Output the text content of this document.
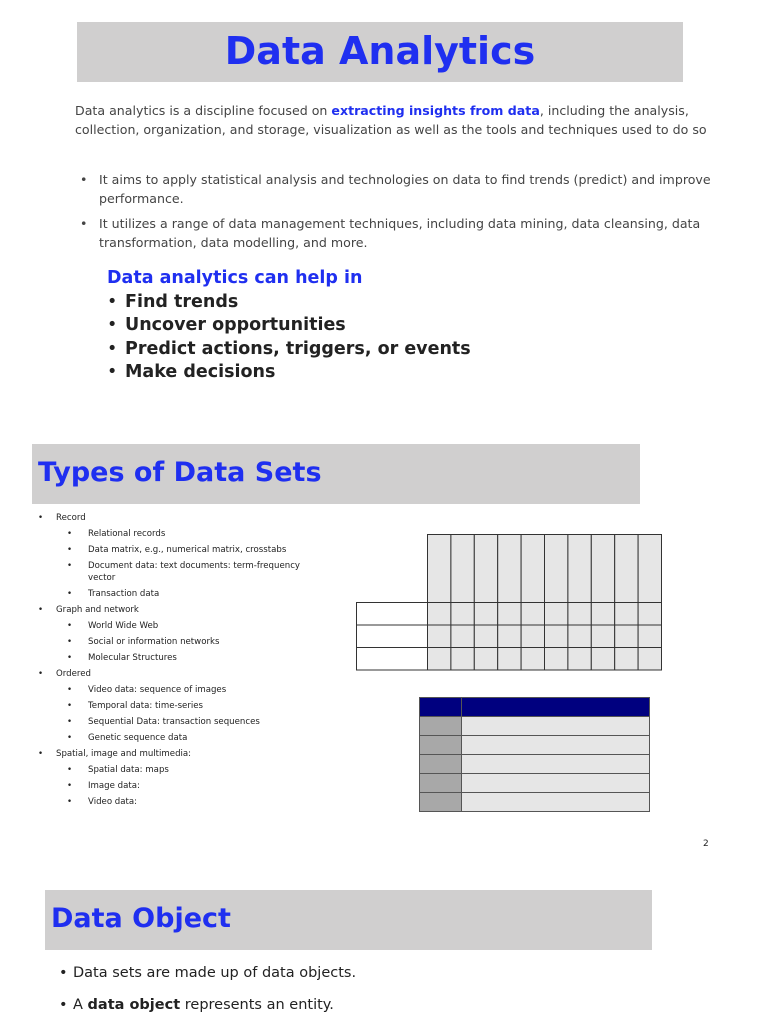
Data Analytics

Data analytics is a discipline focused on extracting insights from data, including the analysis, collection, organization, and storage, visualization as well as the tools and techniques used to do so

• It aims to apply statistical analysis and technologies on data to find trends (predict) and improve performance.
• It utilizes a range of data management techniques, including data mining, data cleansing, data transformation, data modelling, and more.

Data analytics can help in

• Find trends
• Uncover opportunities
• Predict actions, triggers, or events
• Make decisions
Types of Data Sets
• Record
• Relational records
• Data matrix, e.g., numerical matrix, crosstabs
• Document data: text documents: term-frequency vector
• Transaction data
• Graph and network
• World Wide Web
• Social or information networks
• Molecular Structures
• Ordered
• Video data: sequence of images
• Temporal data: time-series
• Sequential Data: transaction sequences
• Genetic sequence data
• Spatial, image and multimedia:
• Spatial data: maps
• Image data:
• Video data:

2

Data Object
• Data sets are made up of data objects.
• A data object represents an entity.
